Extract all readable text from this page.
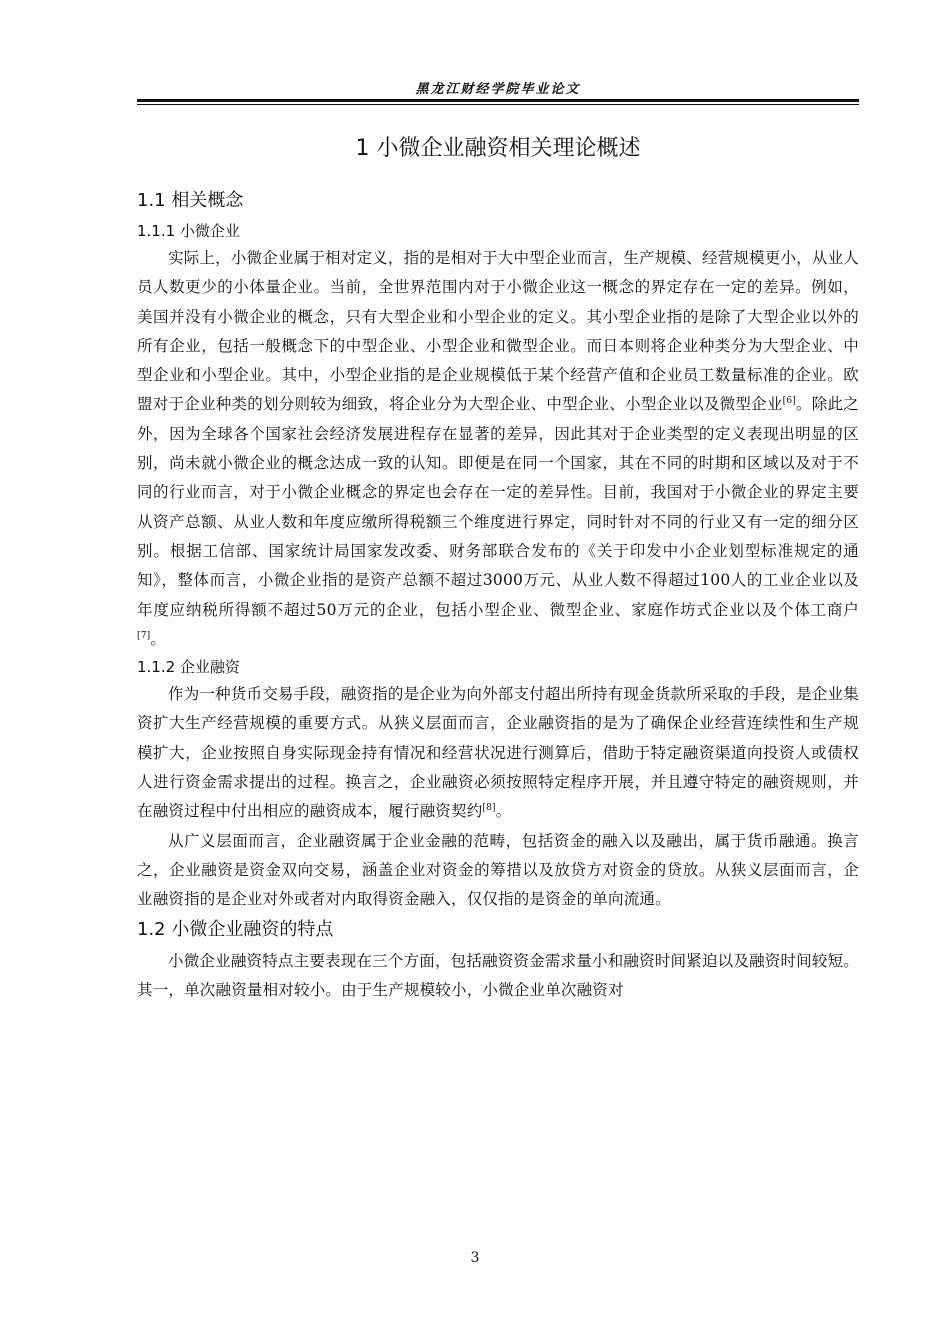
黑龙江财经学院毕业论文
1 小微企业融资相关理论概述
1.1 相关概念
1.1.1 小微企业

实际上，小微企业属于相对定义，指的是相对于大中型企业而言，生产规模、经营规模更小，从业人员人数更少的小体量企业。当前，全世界范围内对于小微企业这一概念的界定存在一定的差异。例如，美国并没有小微企业的概念，只有大型企业和小型企业的定义。其小型企业指的是除了大型企业以外的所有企业，包括一般概念下的中型企业、小型企业和微型企业。而日本则将企业种类分为大型企业、中型企业和小型企业。其中，小型企业指的是企业规模低于某个经营产值和企业员工数量标准的企业。欧盟对于企业种类的划分则较为细致，将企业分为大型企业、中型企业、小型企业以及微型企业[6]。除此之外，因为全球各个国家社会经济发展进程存在显著的差异，因此其对于企业类型的定义表现出明显的区别，尚未就小微企业的概念达成一致的认知。即便是在同一个国家，其在不同的时期和区域以及对于不同的行业而言，对于小微企业概念的界定也会存在一定的差异性。目前，我国对于小微企业的界定主要从资产总额、从业人数和年度应缴所得税额三个维度进行界定，同时针对不同的行业又有一定的细分区别。根据工信部、国家统计局国家发改委、财务部联合发布的《关于印发中小企业划型标准规定的通知》，整体而言，小微企业指的是资产总额不超过3000万元、从业人数不得超过100人的工业企业以及年度应纳税所得额不超过50万元的企业，包括小型企业、微型企业、家庭作坊式企业以及个体工商户[7]。

1.1.2 企业融资

作为一种货币交易手段，融资指的是企业为向外部支付超出所持有现金货款所采取的手段，是企业集资扩大生产经营规模的重要方式。从狭义层面而言，企业融资指的是为了确保企业经营连续性和生产规模扩大，企业按照自身实际现金持有情况和经营状况进行测算后，借助于特定融资渠道向投资人或债权人进行资金需求提出的过程。换言之，企业融资必须按照特定程序开展，并且遵守特定的融资规则，并在融资过程中付出相应的融资成本，履行融资契约[8]。

从广义层面而言，企业融资属于企业金融的范畴，包括资金的融入以及融出，属于货币融通。换言之，企业融资是资金双向交易，涵盖企业对资金的筹措以及放贷方对资金的贷放。从狭义层面而言，企业融资指的是企业对外或者对内取得资金融入，仅仅指的是资金的单向流通。

1.2 小微企业融资的特点

小微企业融资特点主要表现在三个方面，包括融资资金需求量小和融资时间紧迫以及融资时间较短。其一，单次融资量相对较小。由于生产规模较小，小微企业单次融资对

3
